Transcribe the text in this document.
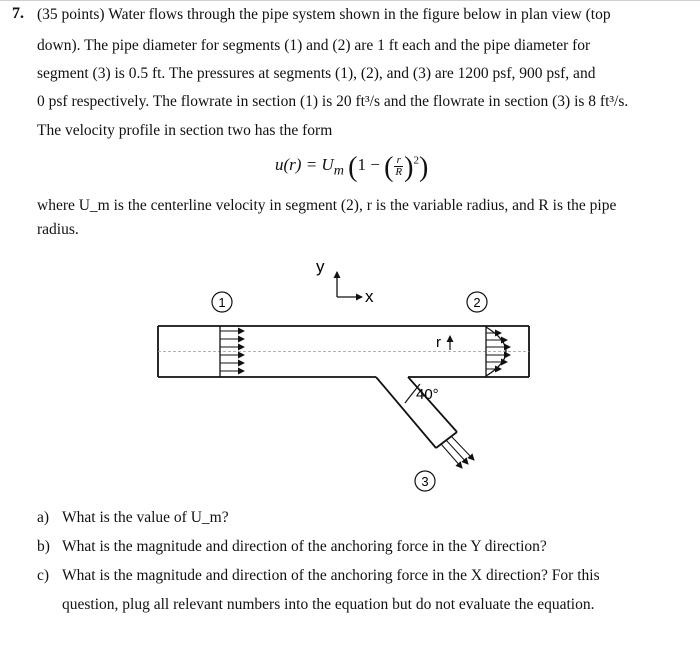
7. (35 points) Water flows through the pipe system shown in the figure below in plan view (top
down). The pipe diameter for segments (1) and (2) are 1 ft each and the pipe diameter for
segment (3) is 0.5 ft. The pressures at segments (1), (2), and (3) are 1200 psf, 900 psf, and
0 psf respectively. The flowrate in section (1) is 20 ft³/s and the flowrate in section (3) is 8 ft³/s.
The velocity profile in section two has the form
$u(r) = U_m$ (1 − ( $\frac{r}{R} )^2$)
where U_m is the centerline velocity in segment (2), r is the variable radius, and R is the pipe
radius.
y
x
r
40°
1	2
3
a) What is the value of U_m?
b) What is the magnitude and direction of the anchoring force in the Y direction?
c) What is the magnitude and direction of the anchoring force in the X direction? For this
question, plug all relevant numbers into the equation but do not evaluate the equation.
